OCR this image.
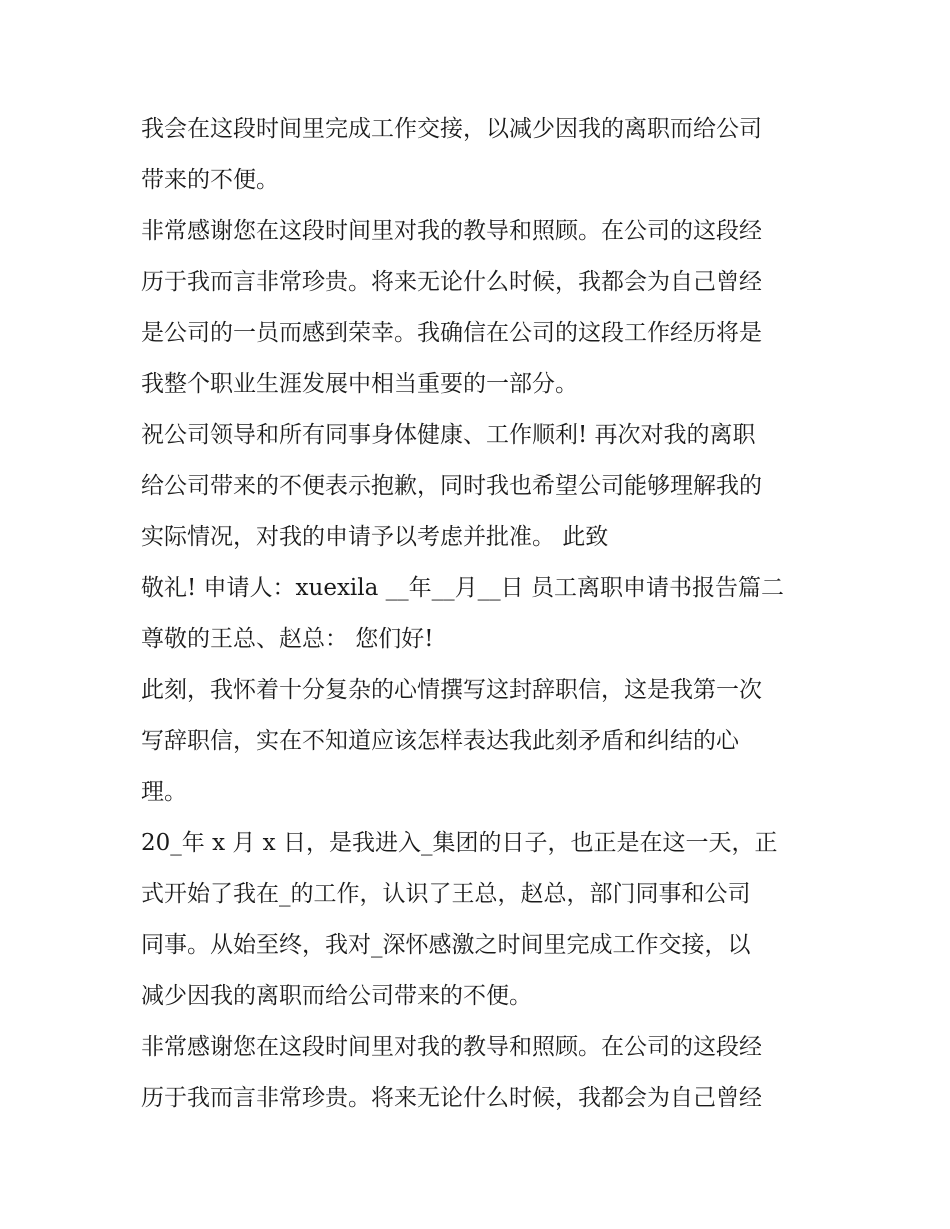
我会在这段时间里完成工作交接，以减少因我的离职而给公司
带来的不便。
非常感谢您在这段时间里对我的教导和照顾。在公司的这段经
历于我而言非常珍贵。将来无论什么时候，我都会为自己曾经
是公司的一员而感到荣幸。我确信在公司的这段工作经历将是
我整个职业生涯发展中相当重要的一部分。
祝公司领导和所有同事身体健康、工作顺利! 再次对我的离职
给公司带来的不便表示抱歉，同时我也希望公司能够理解我的
实际情况，对我的申请予以考虑并批准。 此致
敬礼! 申请人：xuexila __年__月__日 员工离职申请书报告篇二
尊敬的王总、赵总： 您们好!
此刻，我怀着十分复杂的心情撰写这封辞职信，这是我第一次
写辞职信，实在不知道应该怎样表达我此刻矛盾和纠结的心
理。
20_年 x 月 x 日，是我进入_集团的日子，也正是在这一天，正
式开始了我在_的工作，认识了王总，赵总，部门同事和公司
同事。从始至终，我对_深怀感激之时间里完成工作交接，以
减少因我的离职而给公司带来的不便。
非常感谢您在这段时间里对我的教导和照顾。在公司的这段经
历于我而言非常珍贵。将来无论什么时候，我都会为自己曾经
